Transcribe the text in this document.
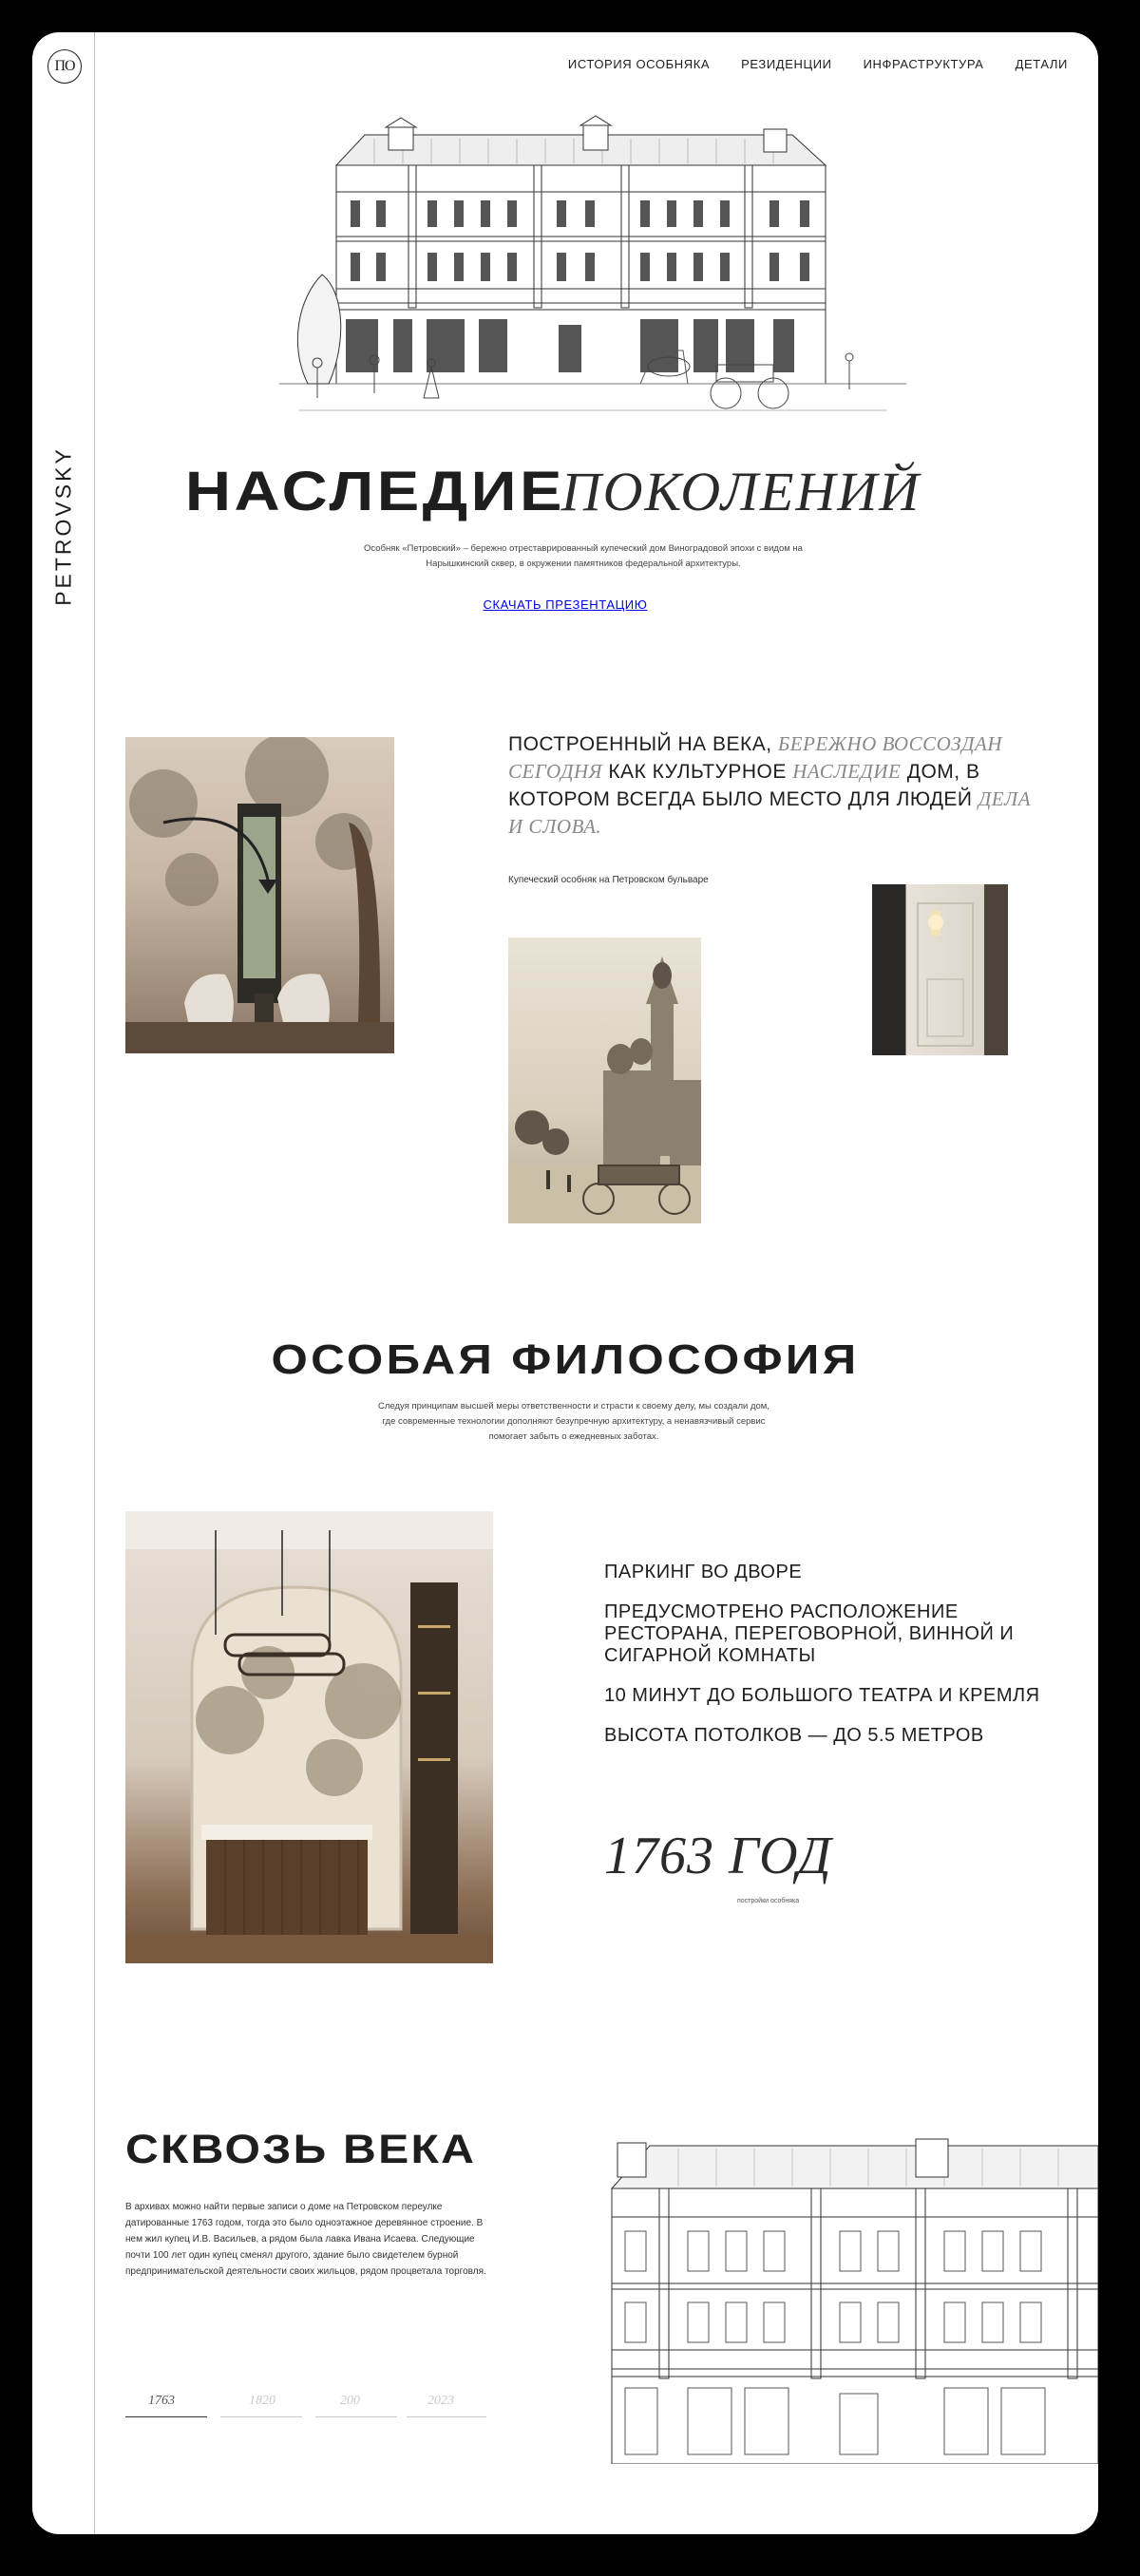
ПО
PETROVSKY
ИСТОРИЯ ОСОБНЯКА	РЕЗИДЕНЦИИ	ИНФРАСТРУКТУРА	ДЕТАЛИ
НАСЛЕДИЕПОКОЛЕНИЙ

Особняк «Петровский» – бережно отреставрированный купеческий дом Виноградовой эпохи с видом на Нарышкинский сквер, в окружении памятников федеральной архитектуры.

СКАЧАТЬ ПРЕЗЕНТАЦИЮ

ПОСТРОЕННЫЙ НА ВЕКА, БЕРЕЖНО ВОССОЗДАН СЕГОДНЯ КАК КУЛЬТУРНОЕ НАСЛЕДИЕ ДОМ, В КОТОРОМ ВСЕГДА БЫЛО МЕСТО ДЛЯ ЛЮДЕЙ ДЕЛА И СЛОВА.

Купеческий особняк на Петровском бульваре

ОСОБАЯ ФИЛОСОФИЯ

Следуя принципам высшей меры ответственности и страсти к своему делу, мы создали дом, где современные технологии дополняют безупречную архитектуру, а ненавязчивый сервис помогает забыть о ежедневных заботах.

ПАРКИНГ ВО ДВОРЕ
ПРЕДУСМОТРЕНО РАСПОЛОЖЕНИЕ РЕСТОРАНА, ПЕРЕГОВОРНОЙ, ВИННОЙ И СИГАРНОЙ КОМНАТЫ
10 МИНУТ ДО БОЛЬШОГО ТЕАТРА И КРЕМЛЯ
ВЫСОТА ПОТОЛКОВ — ДО 5.5 МЕТРОВ
1763 ГОД
постройки особняка
СКВОЗЬ ВЕКА

В архивах можно найти первые записи о доме на Петровском переулке датированные 1763 годом, тогда это было одноэтажное деревянное строение. В нем жил купец И.В. Васильев, а рядом была лавка Ивана Исаева. Следующие почти 100 лет один купец сменял другого, здание было свидетелем бурной предпринимательской деятельности своих жильцов, рядом процветала торговля.

1763	1820	200	2023
